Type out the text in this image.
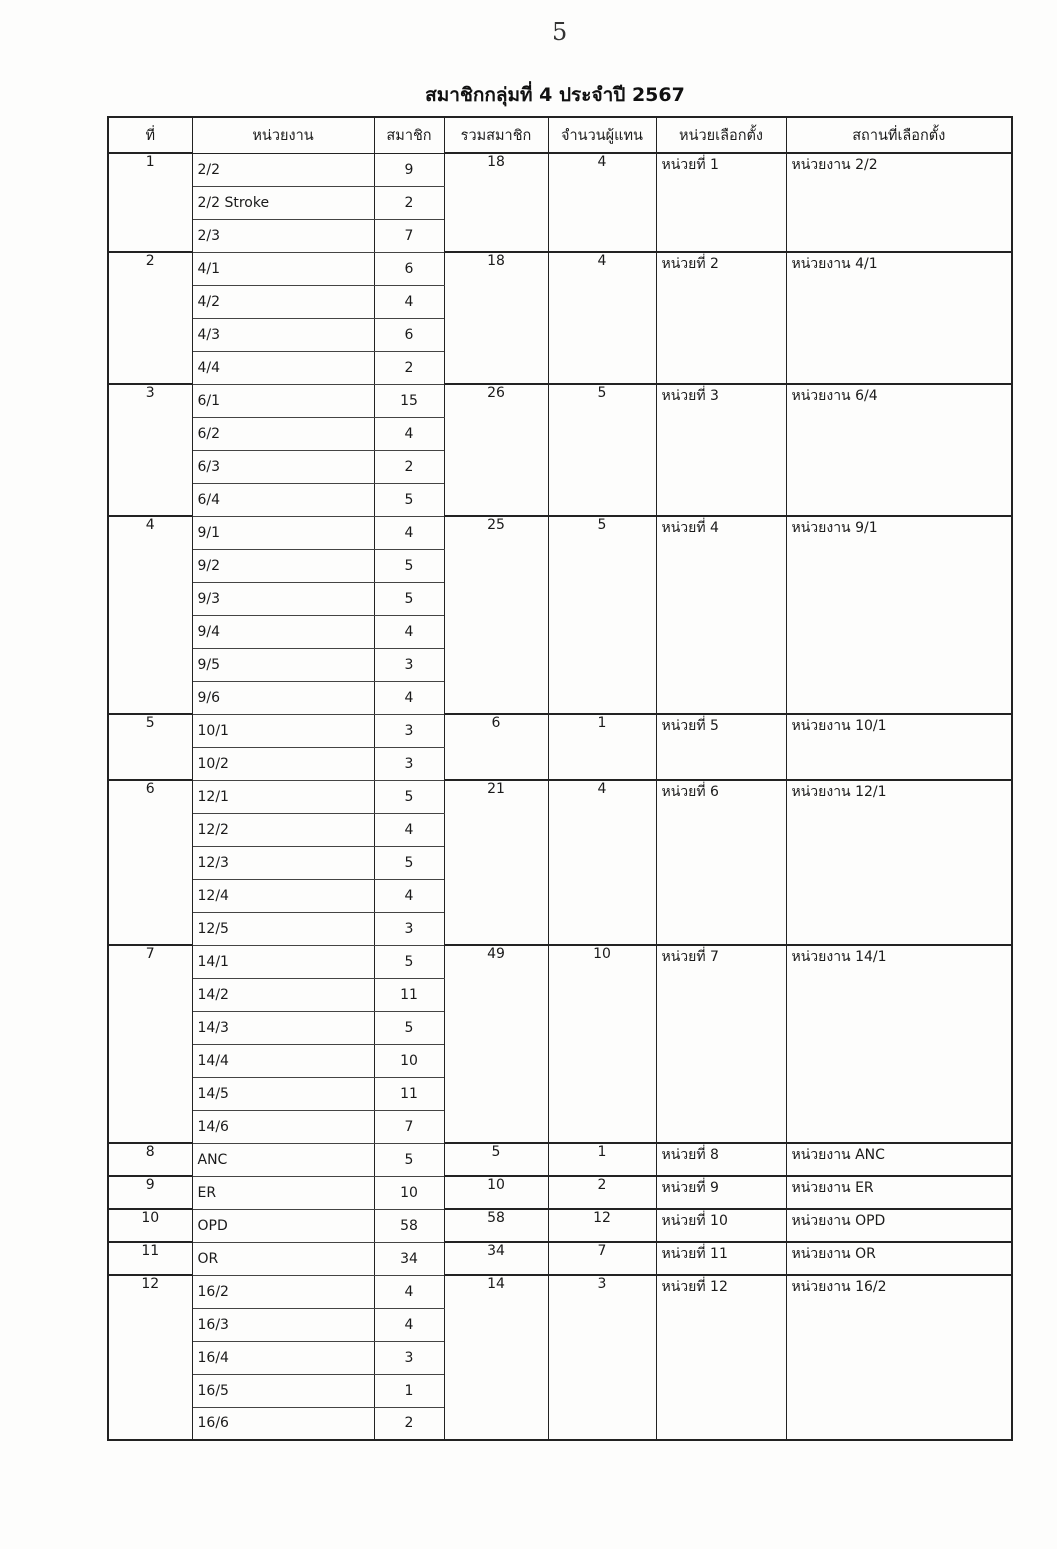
5
สมาชิกกลุ่มที่ 4 ประจำปี 2567
ที่	หน่วยงาน	สมาชิก	รวมสมาชิก	จำนวนผู้แทน	หน่วยเลือกตั้ง	สถานที่เลือกตั้ง
1	2/2	9	18	4	หน่วยที่ 1	หน่วยงาน 2/2
	2/2 Stroke	2				
	2/3	7				
2	4/1	6	18	4	หน่วยที่ 2	หน่วยงาน 4/1
	4/2	4				
	4/3	6				
	4/4	2				
3	6/1	15	26	5	หน่วยที่ 3	หน่วยงาน 6/4
	6/2	4				
	6/3	2				
	6/4	5				
4	9/1	4	25	5	หน่วยที่ 4	หน่วยงาน 9/1
	9/2	5				
	9/3	5				
	9/4	4				
	9/5	3				
	9/6	4				
5	10/1	3	6	1	หน่วยที่ 5	หน่วยงาน 10/1
	10/2	3				
6	12/1	5	21	4	หน่วยที่ 6	หน่วยงาน 12/1
	12/2	4				
	12/3	5				
	12/4	4				
	12/5	3				
7	14/1	5	49	10	หน่วยที่ 7	หน่วยงาน 14/1
	14/2	11				
	14/3	5				
	14/4	10				
	14/5	11				
	14/6	7				
8	ANC	5	5	1	หน่วยที่ 8	หน่วยงาน ANC
9	ER	10	10	2	หน่วยที่ 9	หน่วยงาน ER
10	OPD	58	58	12	หน่วยที่ 10	หน่วยงาน OPD
11	OR	34	34	7	หน่วยที่ 11	หน่วยงาน OR
12	16/2	4	14	3	หน่วยที่ 12	หน่วยงาน 16/2
	16/3	4				
	16/4	3				
	16/5	1				
	16/6	2				
